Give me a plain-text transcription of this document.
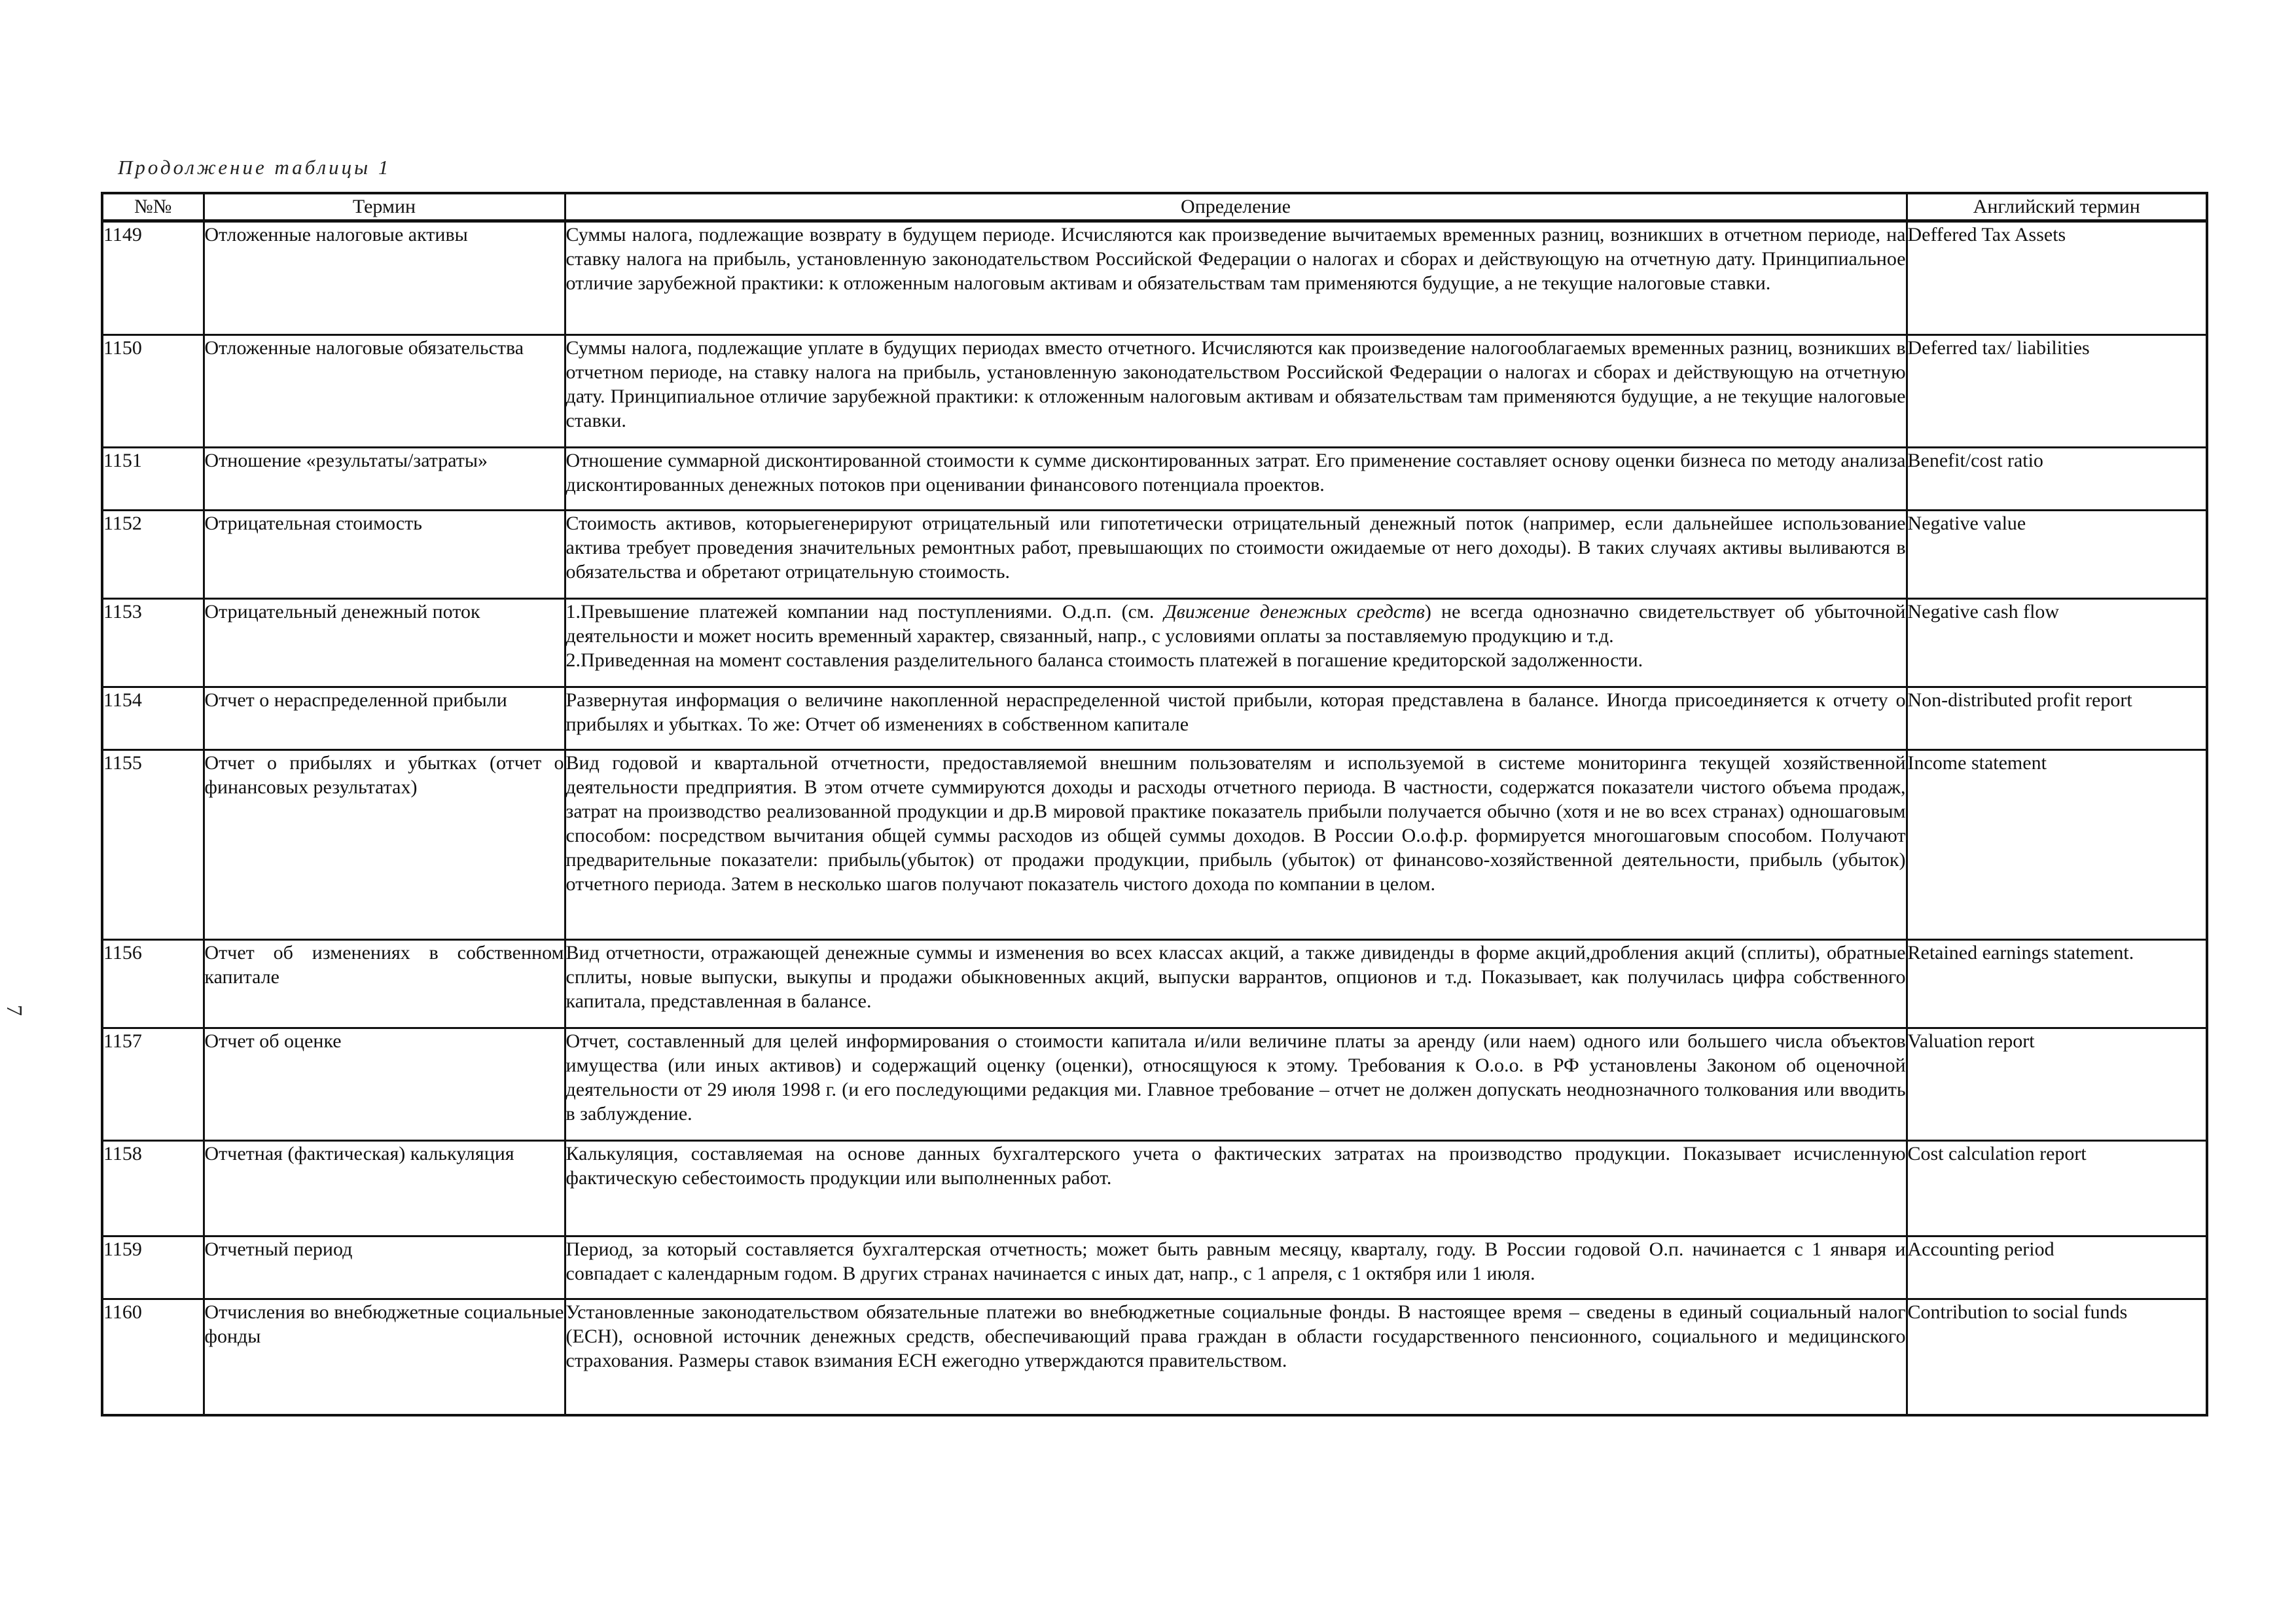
Продолжение таблицы 1
7
№№	Термин	Определение	Английский термин
1149	Отложенные налоговые активы	Суммы налога, подлежащие возврату в будущем периоде. Исчисляются как произведение вычитаемых временных разниц, возникших в отчетном периоде, на ставку налога на прибыль, установленную законодательством Российской Федерации о налогах и сборах и действующую на отчетную дату. Принципиальное отличие зарубежной практики: к отложенным налоговым активам и обязательствам там применяются будущие, а не текущие налоговые ставки.	Deffered Tax Assets
1150	Отложенные налоговые обязательства	Суммы налога, подлежащие уплате в будущих периодах вместо отчетного. Исчисляются как произведение налогооблагаемых временных разниц, возникших в отчетном периоде, на ставку налога на прибыль, установленную законодательством Российской Федерации о налогах и сборах и действующую на отчетную дату. Принципиальное отличие зарубежной практики: к отложенным налоговым активам и обязательствам там применяются будущие, а не текущие налоговые ставки.	Deferred tax/ liabilities
1151	Отношение «результаты/затраты»	Отношение суммарной дисконтированной стоимости к сумме дисконтированных затрат. Его применение составляет основу оценки бизнеса по методу анализа дисконтированных денежных потоков при оценивании финансового потенциала проектов.	Benefit/cost ratio
1152	Отрицательная стоимость	Стоимость активов, которыегенерируют отрицательный или гипотетически отрицательный денежный поток (например, если дальнейшее использование актива требует проведения значительных ремонтных работ, превышающих по стоимости ожидаемые от него доходы). В таких случаях активы выливаются в обязательства и обретают отрицательную стоимость.	Negative value
1153	Отрицательный денежный поток	1.Превышение платежей компании над поступлениями. О.д.п. (см. Движение денежных средств) не всегда однозначно свидетельствует об убыточной деятельности и может носить временный характер, связанный, напр., с условиями оплаты за поставляемую продукцию и т.д.
2.Приведенная на момент составления разделительного баланса стоимость платежей в погашение кредиторской задолженности.	Negative cash flow
1154	Отчет о нераспределенной прибыли	Развернутая информация о величине накопленной нераспределенной чистой прибыли, которая представлена в балансе. Иногда присоединяется к отчету о прибылях и убытках. То же: Отчет об изменениях в собственном капитале	Non-distributed profit report
1155	Отчет о прибылях и убытках (отчет о финансовых результатах)	Вид годовой и квартальной отчетности, предоставляемой внешним пользователям и используемой в системе мониторинга текущей хозяйственной деятельности предприятия. В этом отчете суммируются доходы и расходы отчетного периода. В частности, содержатся показатели чистого объема продаж, затрат на производство реализованной продукции и др.В мировой практике показатель прибыли получается обычно (хотя и не во всех странах) одношаговым способом: посредством вычитания общей суммы расходов из общей суммы доходов. В России О.о.ф.р. формируется многошаговым способом. Получают предварительные показатели: прибыль(убыток) от продажи продукции, прибыль (убыток) от финансово-хозяйственной деятельности, прибыль (убыток) отчетного периода. Затем в несколько шагов получают показатель чистого дохода по компании в целом.	Income statement
1156	Отчет об изменениях в собственном капитале	Вид отчетности, отражающей денежные суммы и изменения во всех классах акций, а также дивиденды в форме акций,дробления акций (сплиты), обратные сплиты, новые выпуски, выкупы и продажи обыкновенных акций, выпуски варрантов, опционов и т.д. Показывает, как получилась цифра собственного капитала, представленная в балансе.	Retained earnings statement.
1157	Отчет об оценке	Отчет, составленный для целей информирования о стоимости капитала и/или величине платы за аренду (или наем) одного или большего числа объектов имущества (или иных активов) и содержащий оценку (оценки), относящуюся к этому. Требования к О.о.о. в РФ установлены Законом об оценочной деятельности от 29 июля 1998 г. (и его последующими редакция ми. Главное требование – отчет не должен допускать неоднозначного толкования или вводить в заблуждение.	Valuation report
1158	Отчетная (фактическая) калькуляция	Калькуляция, составляемая на основе данных бухгалтерского учета о фактических затратах на производство продукции. Показывает исчисленную фактическую себестоимость продукции или выполненных работ.	Cost calculation report
1159	Отчетный период	Период, за который составляется бухгалтерская отчетность; может быть равным месяцу, кварталу, году. В России годовой О.п. начинается с 1 января и совпадает с календарным годом. В других странах начинается с иных дат, напр., с 1 апреля, с 1 октября или 1 июля.	Accounting period
1160	Отчисления во внебюджетные социальные фонды	Установленные законодательством обязательные платежи во внебюджетные социальные фонды. В настоящее время – сведены в единый социальный налог (ЕСН), основной источник денежных средств, обеспечивающий права граждан в области государственного пенсионного, социального и медицинского страхования. Размеры ставок взимания ЕСН ежегодно утверждаются правительством.	Contribution to social funds
